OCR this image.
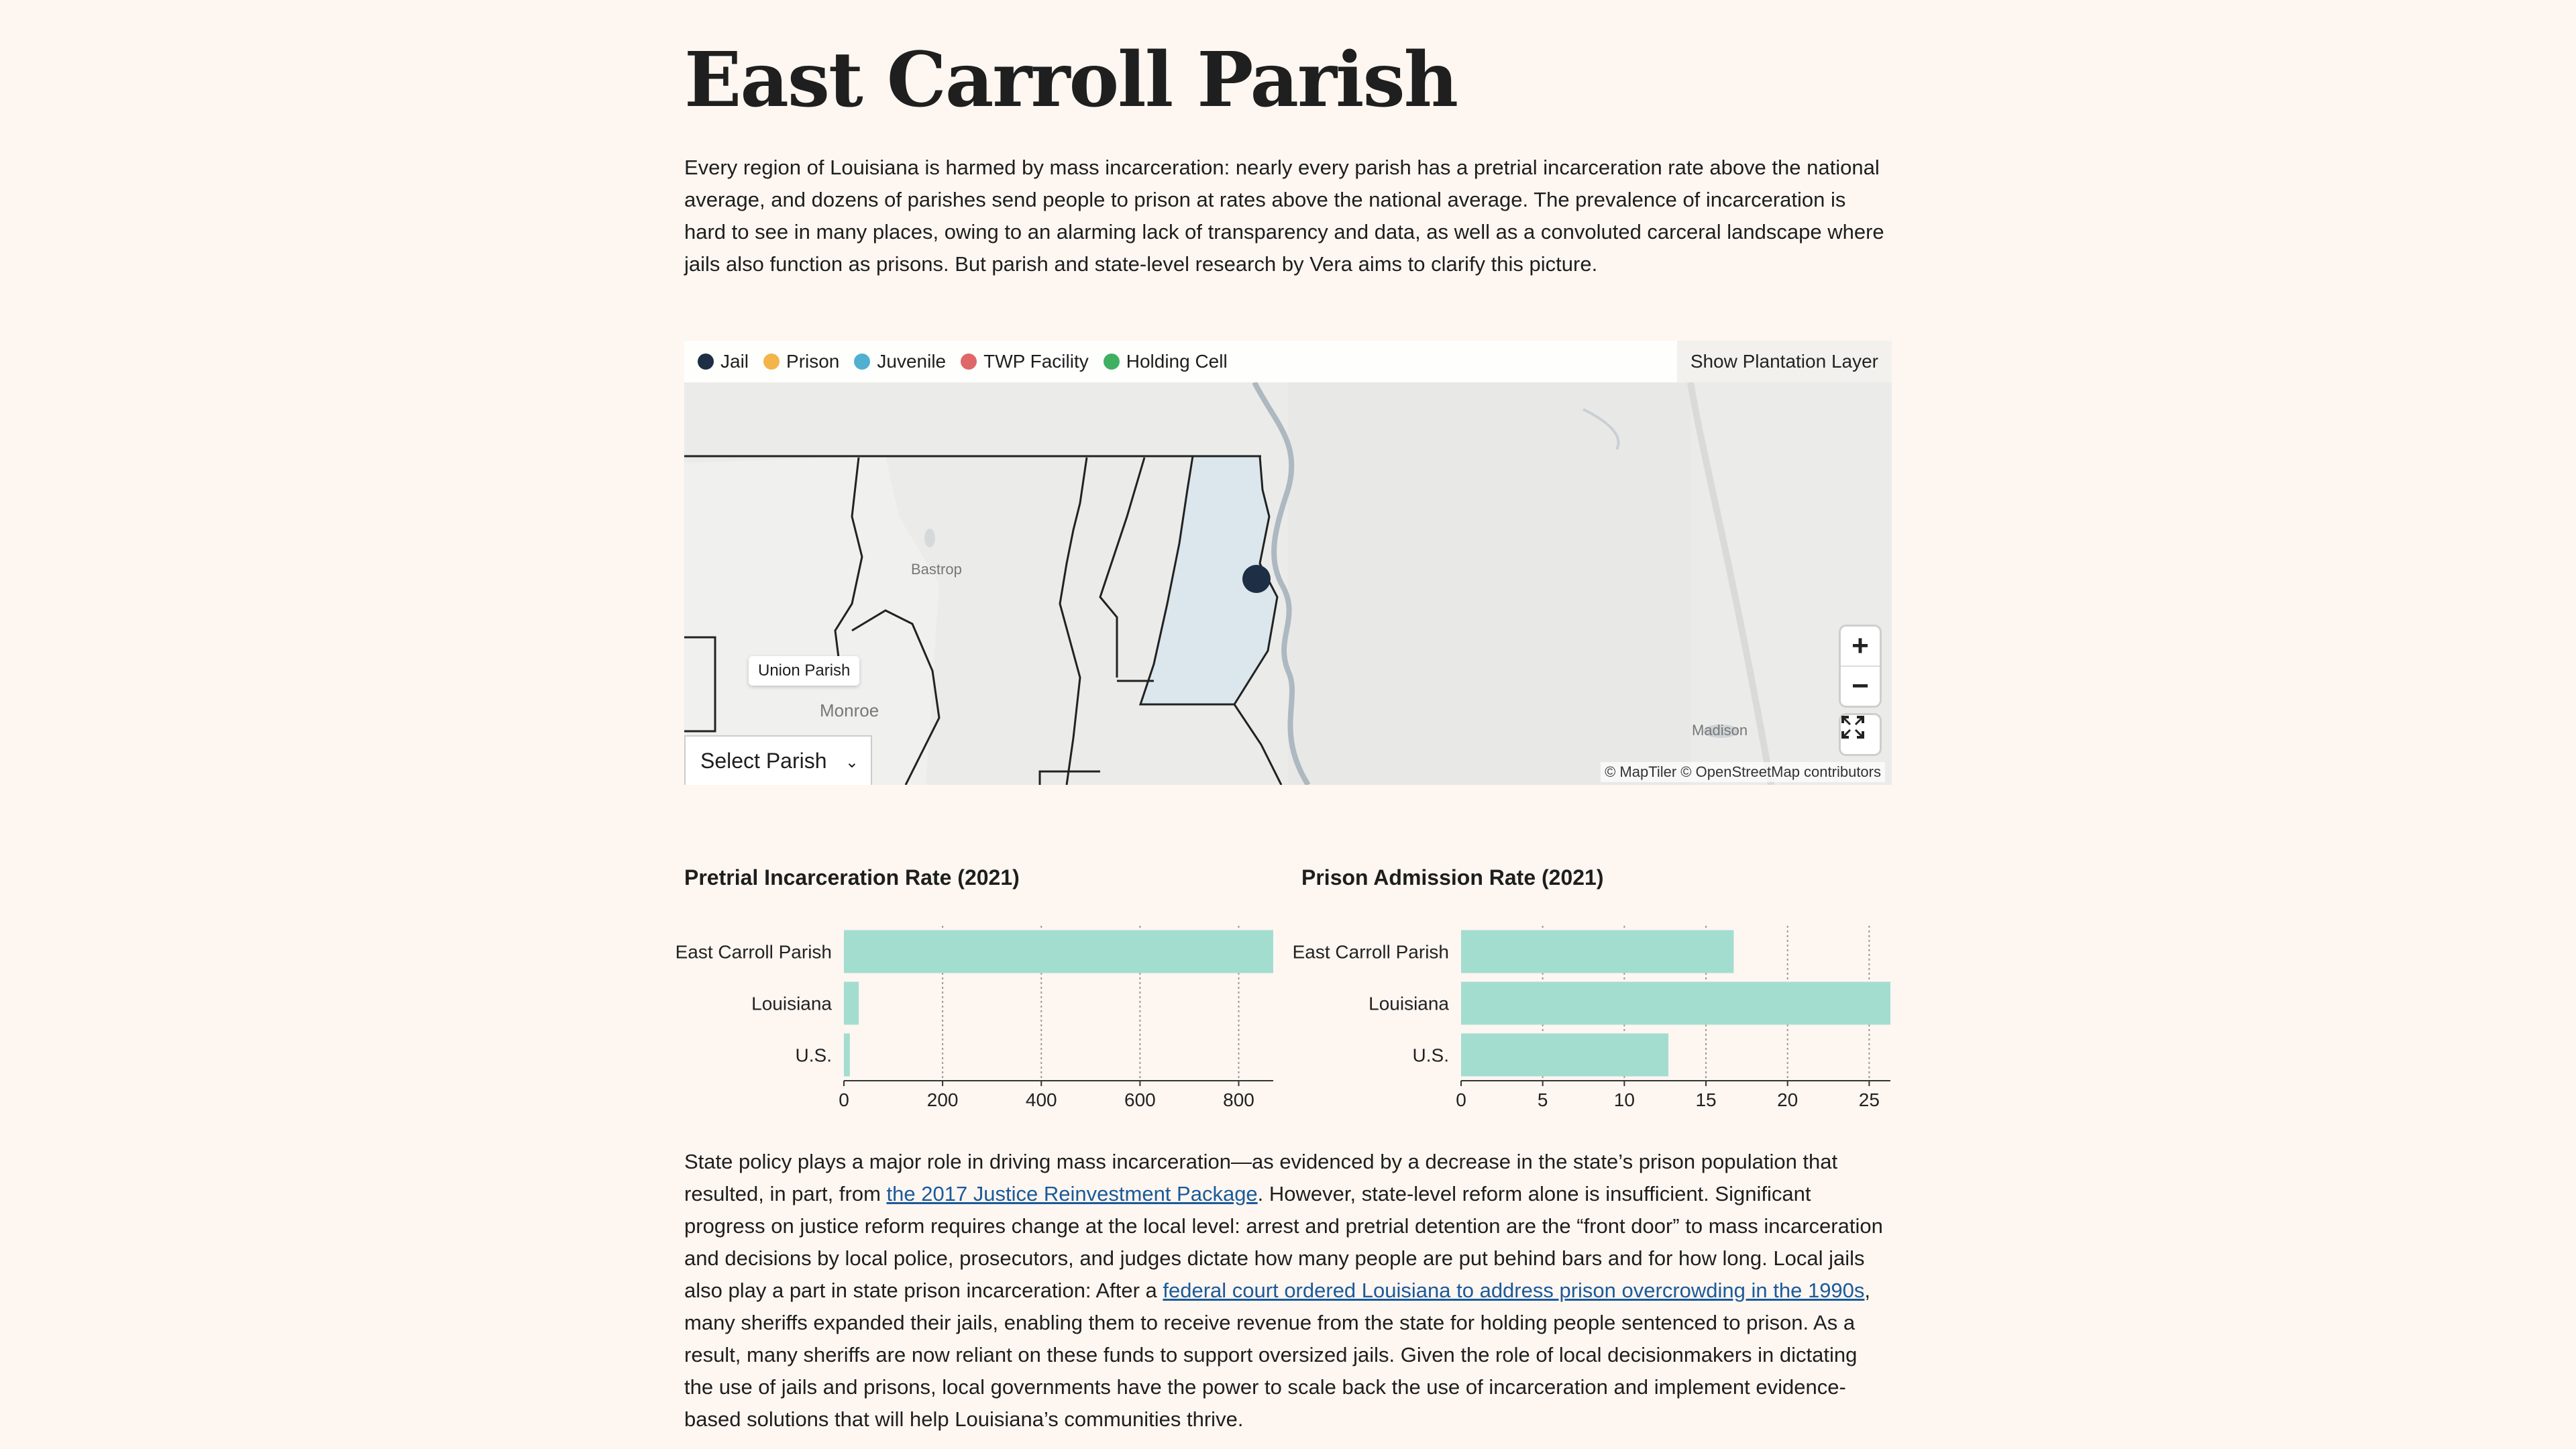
East Carroll Parish

Every region of Louisiana is harmed by mass incarceration: nearly every parish has a pretrial incarceration rate above the national average, and dozens of parishes send people to prison at rates above the national average. The prevalence of incarceration is hard to see in many places, owing to an alarming lack of transparency and data, as well as a convoluted carceral landscape where jails also function as prisons. But parish and state-level research by Vera aims to clarify this picture.

Jail Prison Juvenile TWP Facility Holding Cell	Show Plantation Layer
Bastrop
Monroe
Madison
Union Parish
+
−
© MapTiler © OpenStreetMap contributors
Select Parish ⌄
Pretrial Incarceration Rate (2021)
East Carroll Parish
Louisiana
U.S.
0	200	400	600	800
Prison Admission Rate (2021)
East Carroll Parish
Louisiana
U.S.
0	5	10	15	20	25

State policy plays a major role in driving mass incarceration—as evidenced by a decrease in the state’s prison population that resulted, in part, from the 2017 Justice Reinvestment Package. However, state-level reform alone is insufficient. Significant progress on justice reform requires change at the local level: arrest and pretrial detention are the “front door” to mass incarceration and decisions by local police, prosecutors, and judges dictate how many people are put behind bars and for how long. Local jails also play a part in state prison incarceration: After a federal court ordered Louisiana to address prison overcrowding in the 1990s, many sheriffs expanded their jails, enabling them to receive revenue from the state for holding people sentenced to prison. As a result, many sheriffs are now reliant on these funds to support oversized jails. Given the role of local decisionmakers in dictating the use of jails and prisons, local governments have the power to scale back the use of incarceration and implement evidence-based solutions that will help Louisiana’s communities thrive.
